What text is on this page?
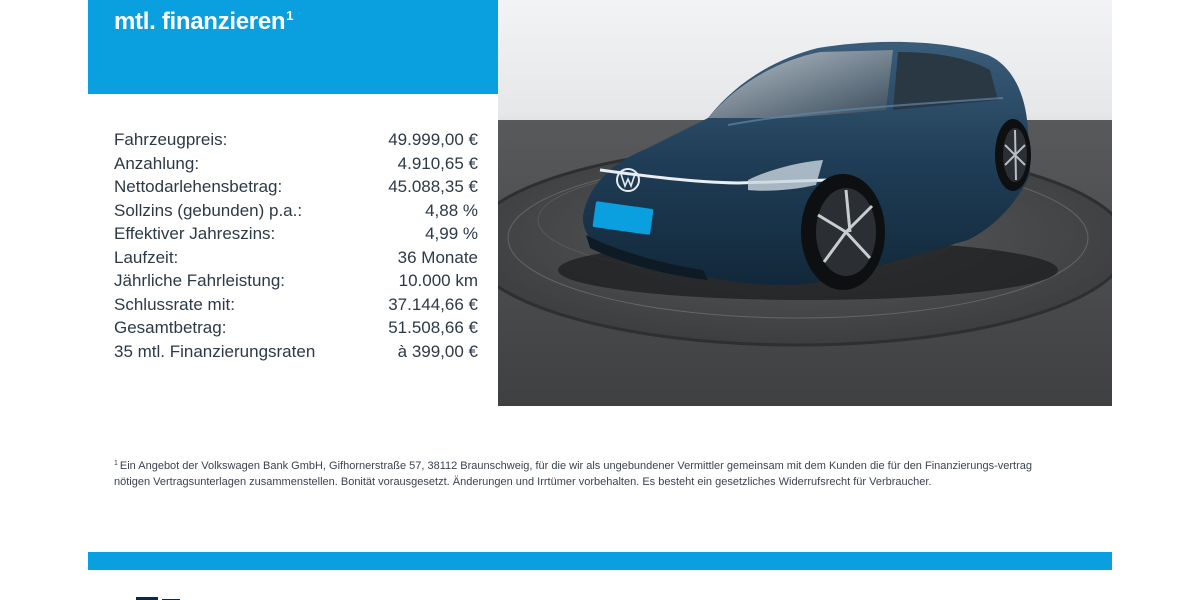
mtl. finanzieren$^1$
Fahrzeugpreis:	49.999,00 €
Anzahlung:	4.910,65 €
Nettodarlehensbetrag:	45.088,35 €
Sollzins (gebunden) p.a.:	4,88 %
Effektiver Jahreszins:	4,99 %
Laufzeit:	36 Monate
Jährliche Fahrleistung:	10.000 km
Schlussrate mit:	37.144,66 €
Gesamtbetrag:	51.508,66 €
35 mtl. Finanzierungsraten	à 399,00 €
$^1$ Ein Angebot der Volkswagen Bank GmbH, Gifhornerstraße 57, 38112 Braunschweig, für die wir als ungebundener Vermittler gemeinsam mit dem Kunden die für den Finanzierungs-vertrag nötigen Vertragsunterlagen zusammenstellen. Bonität vorausgesetzt. Änderungen und Irrtümer vorbehalten. Es besteht ein gesetzliches Widerrufsrecht für Verbraucher.
